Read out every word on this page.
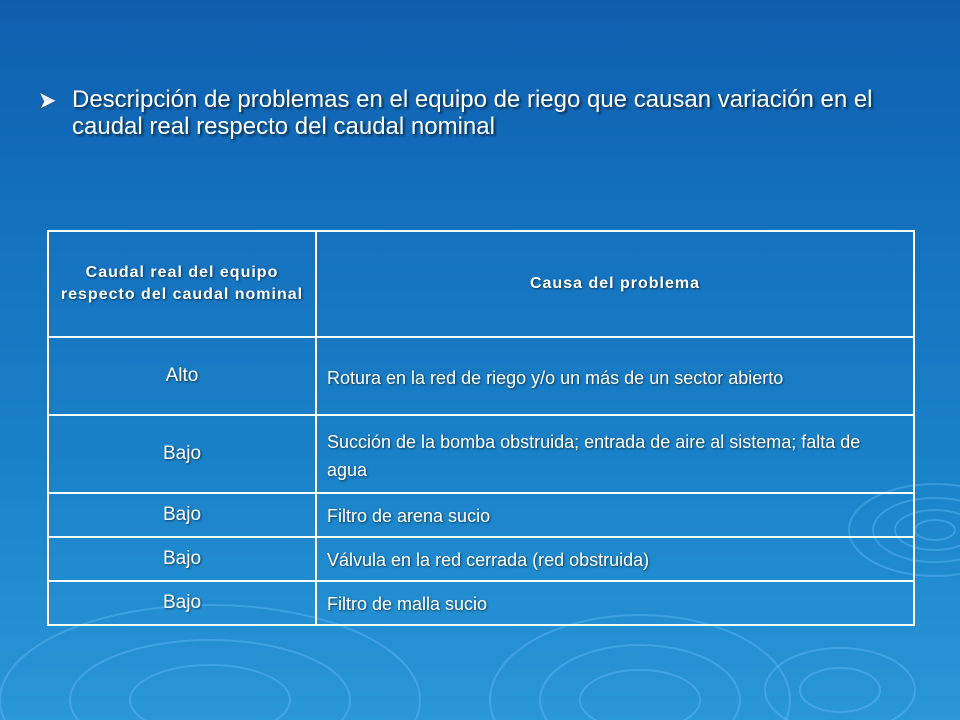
Descripción de problemas en el equipo de riego que causan variación en el caudal real respecto del caudal nominal
Caudal real del equipo respecto del caudal nominal	Causa del problema
Alto	Rotura en la red de riego y/o un más de un sector abierto
Bajo	Succión de la bomba obstruida; entrada de aire al sistema; falta de agua
Bajo	Filtro de arena sucio
Bajo	Válvula en la red cerrada (red obstruida)
Bajo	Filtro de malla sucio
